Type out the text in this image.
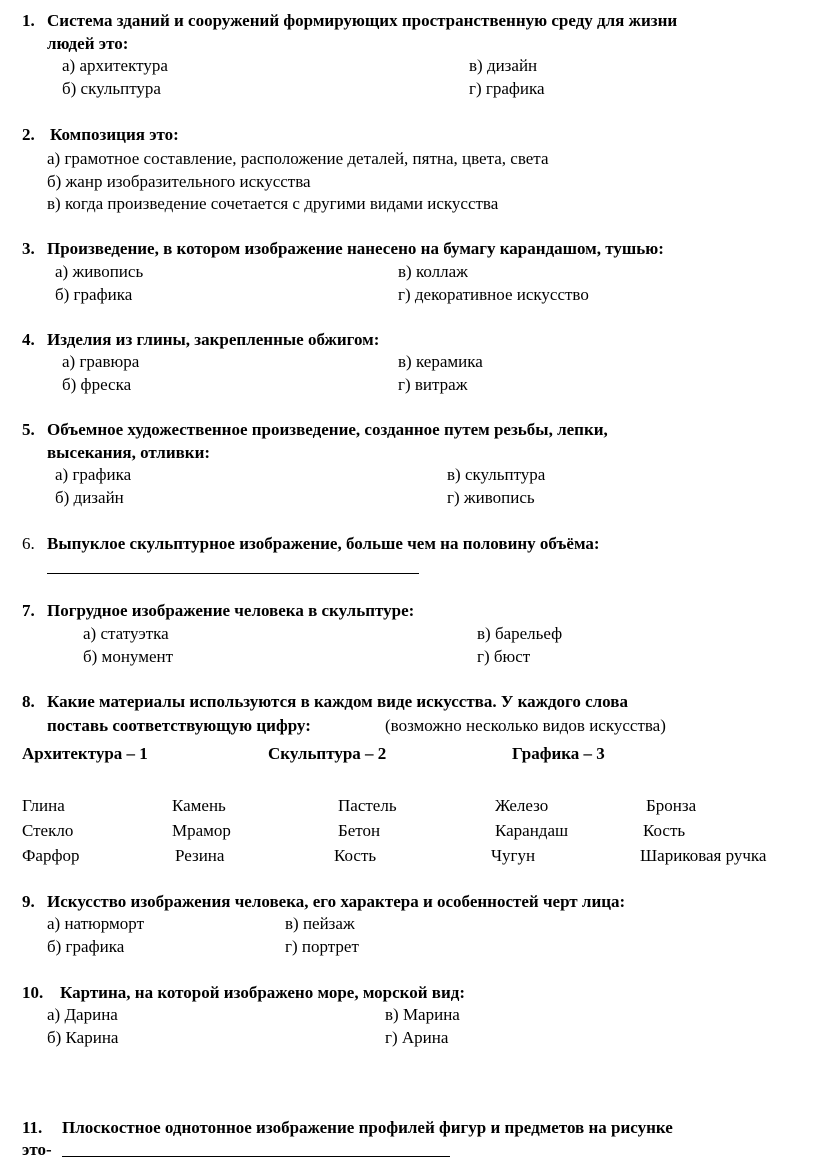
1. Система зданий и сооружений формирующих пространственную среду для жизни
людей это:
а) архитектура	в) дизайн
б) скульптура	г) графика
2. Композиция это:
а) грамотное составление, расположение деталей, пятна, цвета, света
б) жанр изобразительного искусства
в) когда произведение сочетается с другими видами искусства
3. Произведение, в котором изображение нанесено на бумагу карандашом, тушью:
а) живопись	в) коллаж
б) графика	г) декоративное искусство
4. Изделия из глины, закрепленные обжигом:
а) гравюра	в) керамика
б) фреска	г) витраж
5. Объемное художественное произведение, созданное путем резьбы, лепки,
высекания, отливки:
а) графика	в) скульптура
б) дизайн	г) живопись
6. Выпуклое скульптурное изображение, больше чем на половину объёма:
7. Погрудное изображение человека в скульптуре:
а) статуэтка	в) барельеф
б) монумент	г) бюст
8. Какие материалы используются в каждом виде искусства. У каждого слова
поставь соответствующую цифру:	(возможно несколько видов искусства)
Архитектура – 1	Скульптура – 2	Графика – 3
Глина	Камень	Пастель	Железо	Бронза
Стекло	Мрамор	Бетон	Карандаш	Кость
Фарфор	Резина	Кость	Чугун	Шариковая ручка
9. Искусство изображения человека, его характера и особенностей черт лица:
а) натюрморт	в) пейзаж
б) графика	г) портрет
10. Картина, на которой изображено море, морской вид:
а) Дарина	в) Марина
б) Карина	г) Арина
11. Плоскостное однотонное изображение профилей фигур и предметов на рисунке
это-
